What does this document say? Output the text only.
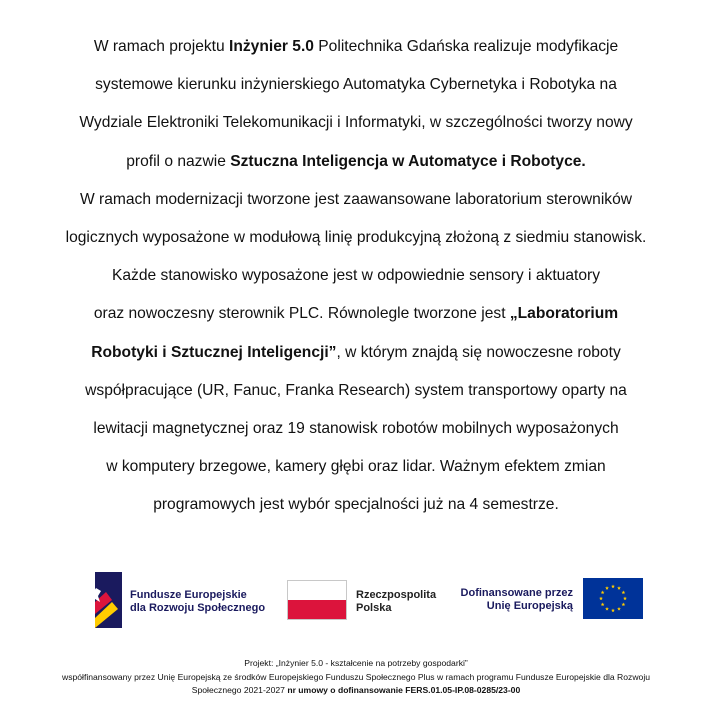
W ramach projektu Inżynier 5.0 Politechnika Gdańska realizuje modyfikacje
systemowe kierunku inżynierskiego Automatyka Cybernetyka i Robotyka na
Wydziale Elektroniki Telekomunikacji i Informatyki, w szczególności tworzy nowy
profil o nazwie Sztuczna Inteligencja w Automatyce i Robotyce.
W ramach modernizacji tworzone jest zaawansowane laboratorium sterowników
logicznych wyposażone w modułową linię produkcyjną złożoną z siedmiu stanowisk.
Każde stanowisko wyposażone jest w odpowiednie sensory i aktuatory
oraz nowoczesny sterownik PLC. Równolegle tworzone jest „Laboratorium
Robotyki i Sztucznej Inteligencji”, w którym znajdą się nowoczesne roboty
współpracujące (UR, Fanuc, Franka Research) system transportowy oparty na
lewitacji magnetycznej oraz 19 stanowisk robotów mobilnych wyposażonych
w komputery brzegowe, kamery głębi oraz lidar. Ważnym efektem zmian
programowych jest wybór specjalności już na 4 semestrze.
Fundusze Europejskie
dla Rozwoju Społecznego
Rzeczpospolita
Polska
Dofinansowane przez
Unię Europejską
Projekt: „Inżynier 5.0 - kształcenie na potrzeby gospodarki”
współfinansowany przez Unię Europejską ze środków Europejskiego Funduszu Społecznego Plus w ramach programu Fundusze Europejskie dla Rozwoju
Społecznego 2021-2027 nr umowy o dofinansowanie FERS.01.05-IP.08-0285/23-00
